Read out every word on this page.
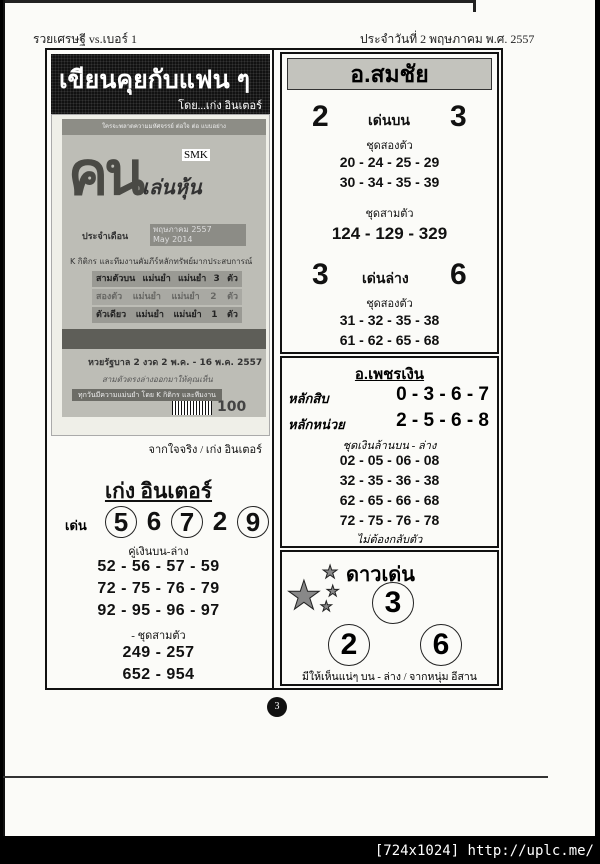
รวยเศรษฐี vs.เบอร์ 1	ประจำวันที่ 2 พฤษภาคม พ.ศ. 2557
เขียนคุยกับแฟน ๆ
โดย...เก่ง อินเตอร์
ใครจะพลาดความมหัศจรรย์ ต่อใจ ต่อ แบบอย่าง
คน	SMK
เล่นหุ้น
ประจำเดือน
พฤษภาคม 2557
May 2014
K กิติกร และทีมงานคัมภีร์หลักทรัพย์มากประสบการณ์
สามตัวบน แม่นยำ แม่นยำ 3 ตัว
สองตัว แม่นยำ แม่นยำ 2 ตัว
ตัวเดียว แม่นยำ แม่นยำ 1 ตัว
หวยรัฐบาล 2 งวด 2 พ.ค. - 16 พ.ค. 2557
สามตัวตรงล่างออกมาให้คุณเห็น
ทุกวันมีความแม่นยำ โดย K กิติกร และทีมงาน
100
จากใจจริง / เก่ง อินเตอร์
เก่ง อินเตอร์
เด่น	5 6 7 2 9
คู่เงินบน-ล่าง
52 - 56 - 57 - 59
72 - 75 - 76 - 79
92 - 95 - 96 - 97
- ชุดสามตัว
249 - 257
652 - 954
อ.สมชัย
2	เด่นบน 3
ชุดสองตัว
20 - 24 - 25 - 29
30 - 34 - 35 - 39
ชุดสามตัว
124 - 129 - 329
3 เด่นล่าง 6
ชุดสองตัว
31 - 32 - 35 - 38
61 - 62 - 65 - 68
อ.เพชรเงิน
หลักสิบ	0 - 3 - 6 - 7
หลักหน่วย	2 - 5 - 6 - 8
ชุดเงินล้านบน - ล่าง
02 - 05 - 06 - 08
32 - 35 - 36 - 38
62 - 65 - 66 - 68
72 - 75 - 76 - 78
ไม่ต้องกลับตัว
ดาวเด่น
★
★
★
★	3
2	6
มีให้เห็นแน่ๆ บน - ล่าง / จากหนุ่ม อีสาน
3
[724x1024] http://uplc.me/
